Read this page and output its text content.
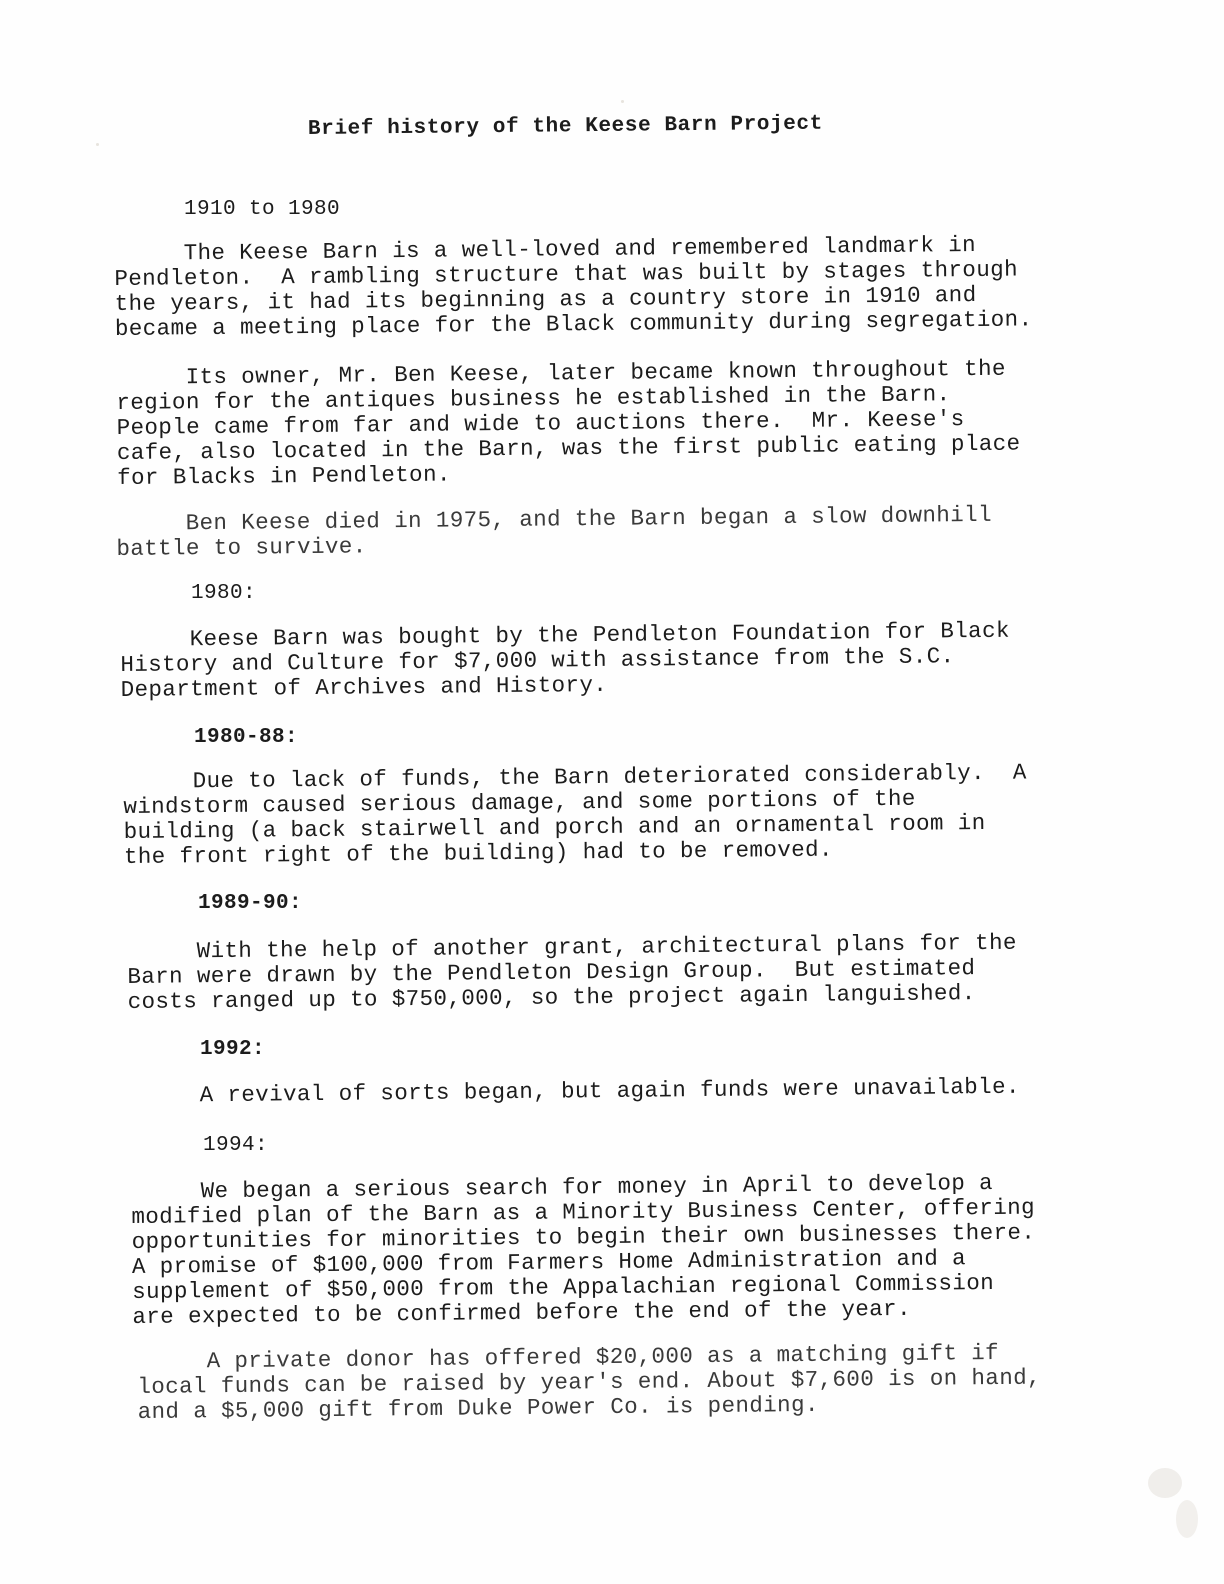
Brief history of the Keese Barn Project
1910 to 1980
The Keese Barn is a well-loved and remembered landmark in
Pendleton.  A rambling structure that was built by stages through
the years, it had its beginning as a country store in 1910 and
became a meeting place for the Black community during segregation.
Its owner, Mr. Ben Keese, later became known throughout the
region for the antiques business he established in the Barn.
People came from far and wide to auctions there.  Mr. Keese's
cafe, also located in the Barn, was the first public eating place
for Blacks in Pendleton.
Ben Keese died in 1975, and the Barn began a slow downhill
battle to survive.
1980:
Keese Barn was bought by the Pendleton Foundation for Black
History and Culture for $7,000 with assistance from the S.C.
Department of Archives and History.
1980-88:
Due to lack of funds, the Barn deteriorated considerably.  A
windstorm caused serious damage, and some portions of the
building (a back stairwell and porch and an ornamental room in
the front right of the building) had to be removed.
1989-90:
With the help of another grant, architectural plans for the
Barn were drawn by the Pendleton Design Group.  But estimated
costs ranged up to $750,000, so the project again languished.
1992:
A revival of sorts began, but again funds were unavailable.
1994:
We began a serious search for money in April to develop a
modified plan of the Barn as a Minority Business Center, offering
opportunities for minorities to begin their own businesses there.
A promise of $100,000 from Farmers Home Administration and a
supplement of $50,000 from the Appalachian regional Commission
are expected to be confirmed before the end of the year.
A private donor has offered $20,000 as a matching gift if
local funds can be raised by year's end. About $7,600 is on hand,
and a $5,000 gift from Duke Power Co. is pending.
